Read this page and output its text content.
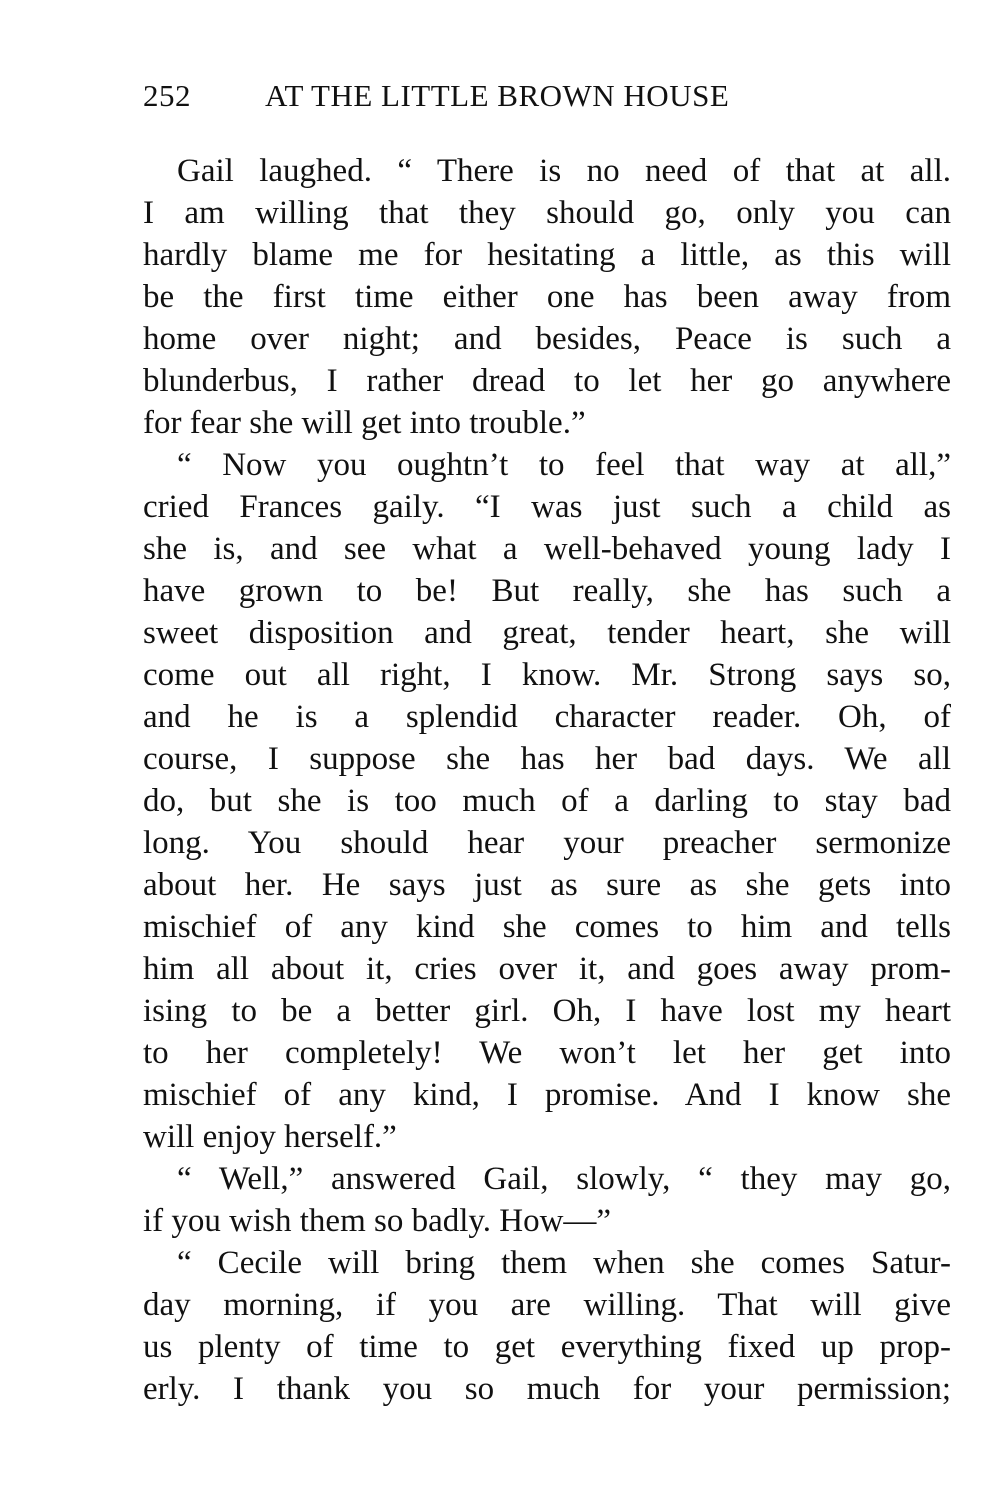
252 AT THE LITTLE BROWN HOUSE
Gail laughed. “ There is no need of that at all.
I am willing that they should go, only you can
hardly blame me for hesitating a little, as this will
be the first time either one has been away from
home over night; and besides, Peace is such a
blunderbus, I rather dread to let her go anywhere
for fear she will get into trouble.”
“ Now you oughtn’t to feel that way at all,”
cried Frances gaily. “I was just such a child as
she is, and see what a well-behaved young lady I
have grown to be! But really, she has such a
sweet disposition and great, tender heart, she will
come out all right, I know. Mr. Strong says so,
and he is a splendid character reader. Oh, of
course, I suppose she has her bad days. We all
do, but she is too much of a darling to stay bad
long. You should hear your preacher sermonize
about her. He says just as sure as she gets into
mischief of any kind she comes to him and tells
him all about it, cries over it, and goes away prom-
ising to be a better girl. Oh, I have lost my heart
to her completely! We won’t let her get into
mischief of any kind, I promise. And I know she
will enjoy herself.”
“ Well,” answered Gail, slowly, “ they may go,
if you wish them so badly. How—”
“ Cecile will bring them when she comes Satur-
day morning, if you are willing. That will give
us plenty of time to get everything fixed up prop-
erly. I thank you so much for your permission;
